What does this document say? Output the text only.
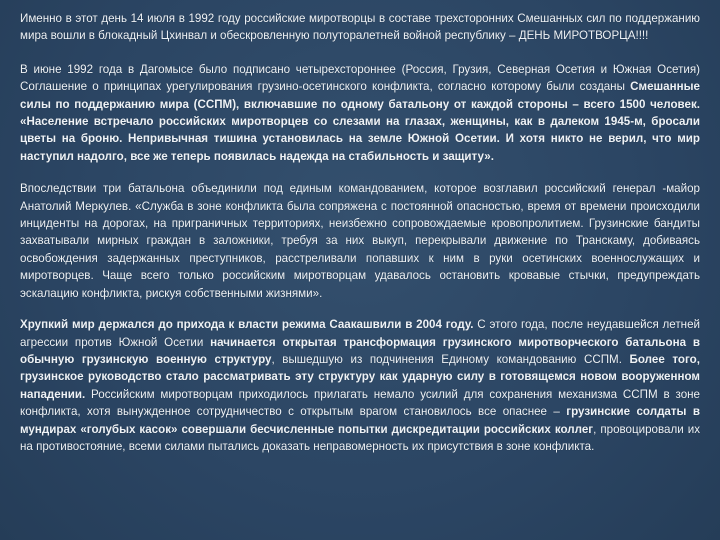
Именно в этот день 14 июля в 1992 году российские миротворцы в составе трехсторонних Смешанных сил по поддержанию мира вошли в блокадный Цхинвал и обескровленную полуторалетней войной республику – ДЕНЬ МИРОТВОРЦА!!!!

В июне 1992 года в Дагомысе было подписано четырехстороннее (Россия, Грузия, Северная Осетия и Южная Осетия) Соглашение о принципах урегулирования грузино-осетинского конфликта, согласно которому были созданы Смешанные силы по поддержанию мира (ССПМ), включавшие по одному батальону от каждой стороны – всего 1500 человек. «Население встречало российских миротворцев со слезами на глазах, женщины, как в далеком 1945-м, бросали цветы на броню. Непривычная тишина установилась на земле Южной Осетии. И хотя никто не верил, что мир наступил надолго, все же теперь появилась надежда на стабильность и защиту».

Впоследствии три батальона объединили под единым командованием, которое возглавил российский генерал -майор Анатолий Меркулев. «Служба в зоне конфликта была сопряжена с постоянной опасностью, время от времени происходили инциденты на дорогах, на приграничных территориях, неизбежно сопровождаемые кровопролитием. Грузинские бандиты захватывали мирных граждан в заложники, требуя за них выкуп, перекрывали движение по Транскаму, добиваясь освобождения задержанных преступников, расстреливали попавших к ним в руки осетинских военнослужащих и миротворцев. Чаще всего только российским миротворцам удавалось остановить кровавые стычки, предупреждать эскалацию конфликта, рискуя собственными жизнями».

Хрупкий мир держался до прихода к власти режима Саакашвили в 2004 году. С этого года, после неудавшейся летней агрессии против Южной Осетии начинается открытая трансформация грузинского миротворческого батальона в обычную грузинскую военную структуру, вышедшую из подчинения Единому командованию ССПМ. Более того, грузинское руководство стало рассматривать эту структуру как ударную силу в готовящемся новом вооруженном нападении. Российским миротворцам приходилось прилагать немало усилий для сохранения механизма ССПМ в зоне конфликта, хотя вынужденное сотрудничество с открытым врагом становилось все опаснее – грузинские солдаты в мундирах «голубых касок» совершали бесчисленные попытки дискредитации российских коллег, провоцировали их на противостояние, всеми силами пытались доказать неправомерность их присутствия в зоне конфликта.
